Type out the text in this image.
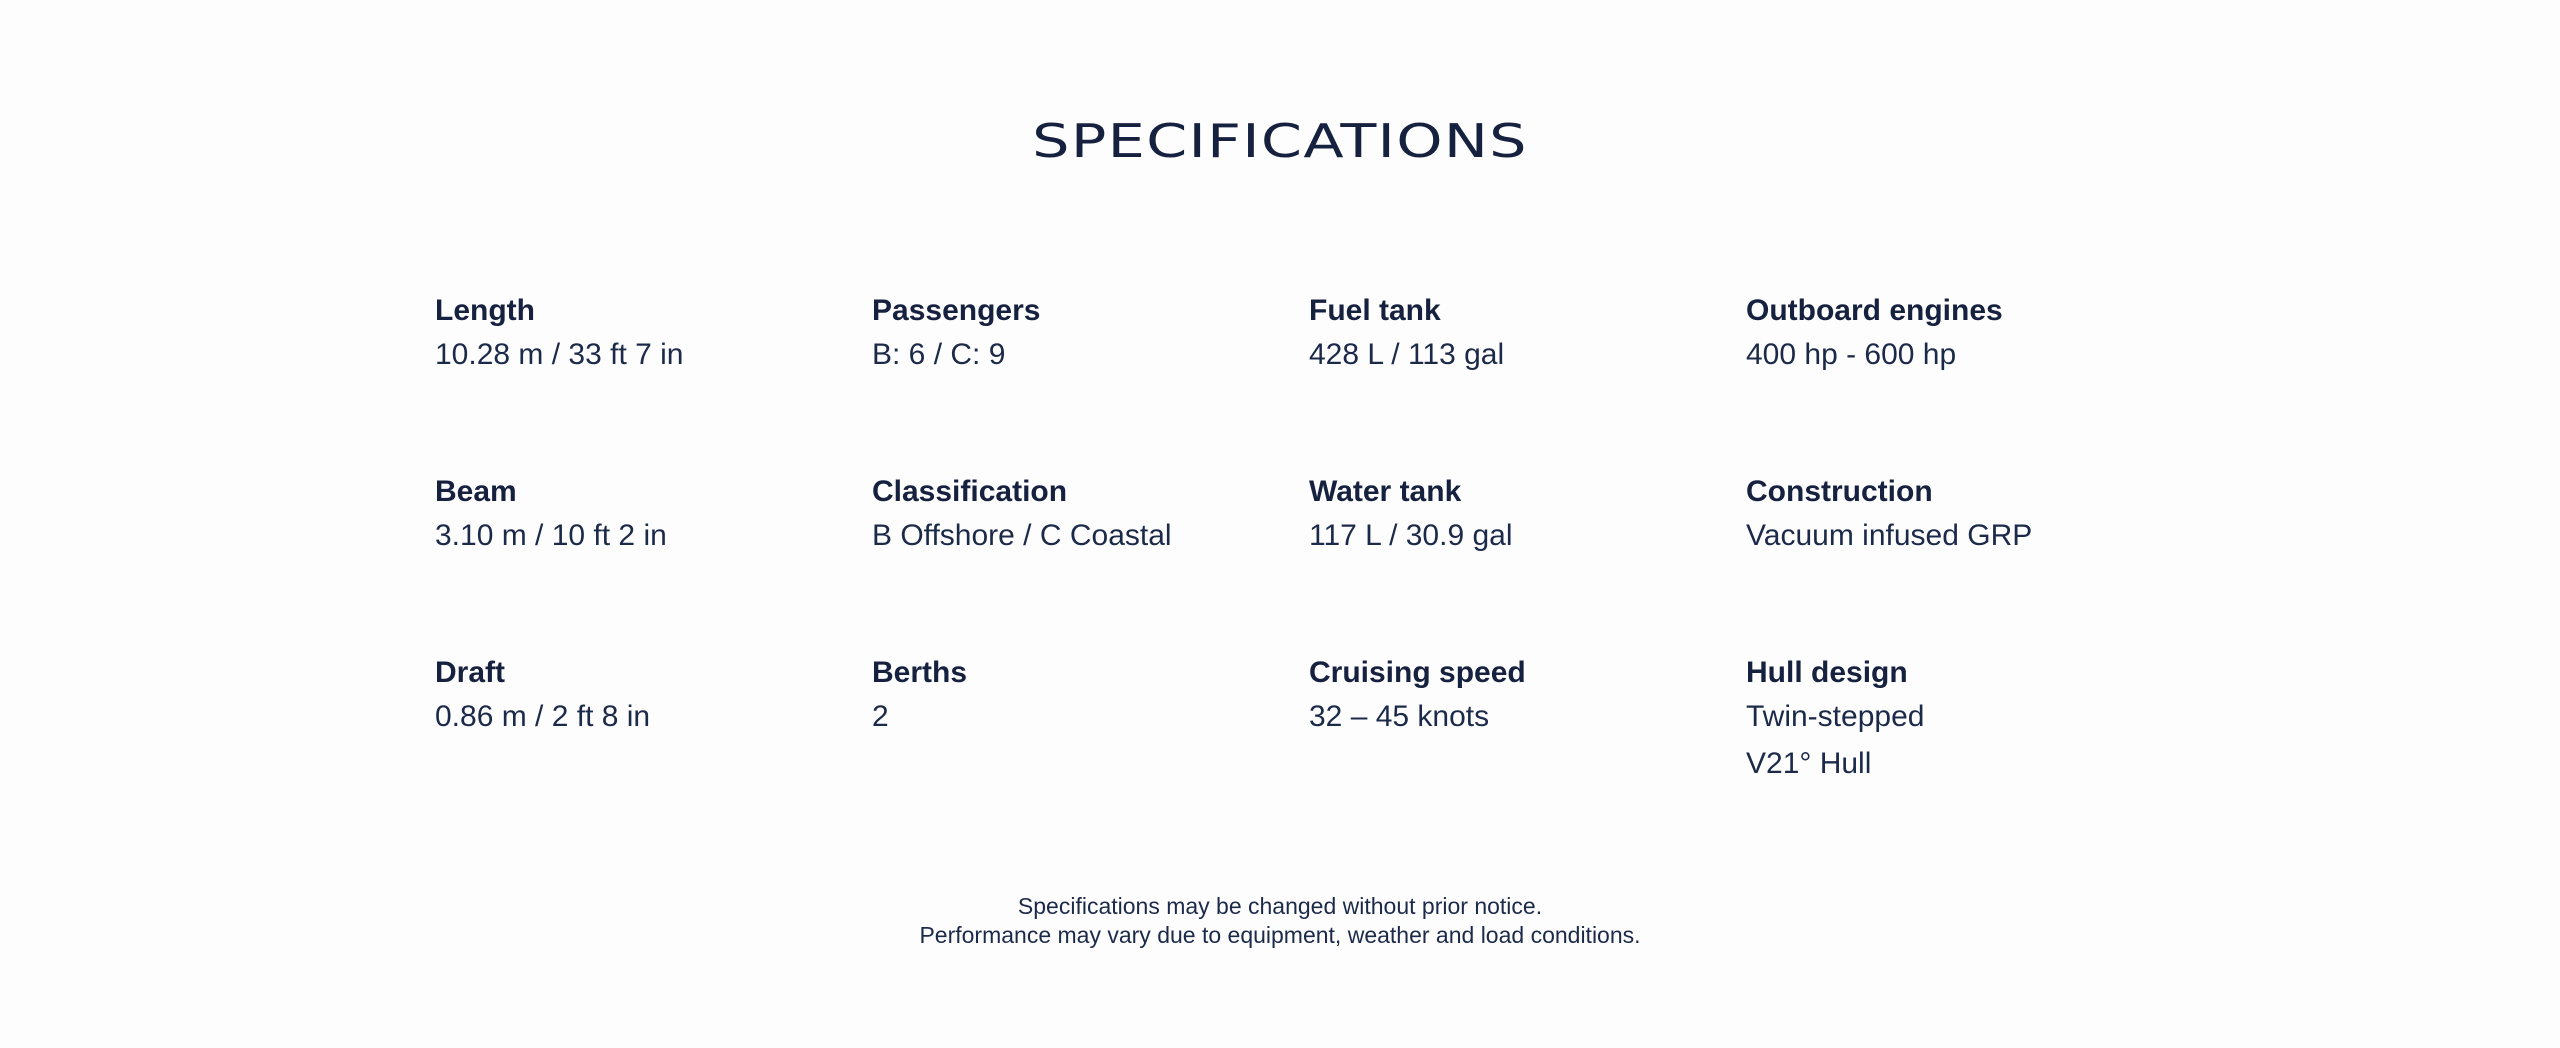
SPECIFICATIONS
Length
10.28 m / 33 ft 7 in
Passengers
B: 6 / C: 9
Fuel tank
428 L / 113 gal
Outboard engines
400 hp - 600 hp
Beam
3.10 m / 10 ft 2 in
Classification
B Offshore / C Coastal
Water tank
117 L / 30.9 gal
Construction
Vacuum infused GRP
Draft
0.86 m / 2 ft 8 in
Berths
2
Cruising speed
32 – 45 knots
Hull design
Twin-stepped
V21° Hull
Specifications may be changed without prior notice.
Performance may vary due to equipment, weather and load conditions.
